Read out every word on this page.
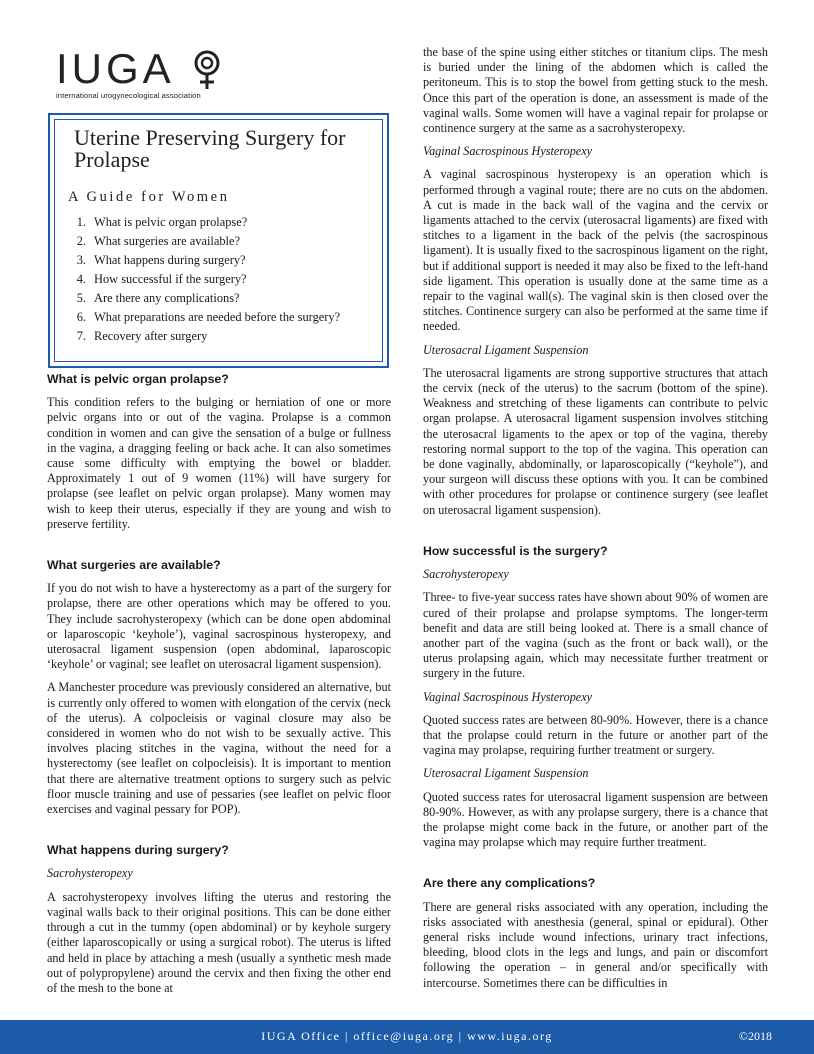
IUGA
international urogynecological association
Uterine Preserving Surgery for Prolapse
A Guide for Women
1. What is pelvic organ prolapse?
2. What surgeries are available?
3. What happens during surgery?
4. How successful if the surgery?
5. Are there any complications?
6. What preparations are needed before the surgery?
7. Recovery after surgery
What is pelvic organ prolapse?

This condition refers to the bulging or herniation of one or more pelvic organs into or out of the vagina. Prolapse is a common condition in women and can give the sensation of a bulge or fullness in the vagina, a dragging feeling or back ache. It can also sometimes cause some difficulty with emptying the bowel or bladder. Approximately 1 out of 9 women (11%) will have surgery for prolapse (see leaflet on pelvic organ prolapse). Many women may wish to keep their uterus, especially if they are young and wish to preserve fertility.

What surgeries are available?

If you do not wish to have a hysterectomy as a part of the surgery for prolapse, there are other operations which may be offered to you. They include sacrohysteropexy (which can be done open abdominal or laparoscopic ‘keyhole’), vaginal sacrospinous hysteropexy, and uterosacral ligament suspension (open abdominal, laparoscopic ‘keyhole’ or vaginal; see leaflet on uterosacral ligament suspension).

A Manchester procedure was previously considered an alternative, but is currently only offered to women with elongation of the cervix (neck of the uterus). A colpocleisis or vaginal closure may also be considered in women who do not wish to be sexually active. This involves placing stitches in the vagina, without the need for a hysterectomy (see leaflet on colpocleisis). It is important to mention that there are alternative treatment options to surgery such as pelvic floor muscle training and use of pessaries (see leaflet on pelvic floor exercises and vaginal pessary for POP).

What happens during surgery?
Sacrohysteropexy

A sacrohysteropexy involves lifting the uterus and restoring the vaginal walls back to their original positions. This can be done either through a cut in the tummy (open abdominal) or by keyhole surgery (either laparoscopically or using a surgical robot). The uterus is lifted and held in place by attaching a mesh (usually a synthetic mesh made out of polypropylene) around the cervix and then fixing the other end of the mesh to the bone at

the base of the spine using either stitches or titanium clips. The mesh is buried under the lining of the abdomen which is called the peritoneum. This is to stop the bowel from getting stuck to the mesh. Once this part of the operation is done, an assessment is made of the vaginal walls. Some women will have a vaginal repair for prolapse or continence surgery at the same as a sacrohysteropexy.

Vaginal Sacrospinous Hysteropexy

A vaginal sacrospinous hysteropexy is an operation which is performed through a vaginal route; there are no cuts on the abdomen. A cut is made in the back wall of the vagina and the cervix or ligaments attached to the cervix (uterosacral ligaments) are fixed with stitches to a ligament in the back of the pelvis (the sacrospinous ligament). It is usually fixed to the sacrospinous ligament on the right, but if additional support is needed it may also be fixed to the left-hand side ligament. This operation is usually done at the same time as a repair to the vaginal wall(s). The vaginal skin is then closed over the stitches. Continence surgery can also be performed at the same time if needed.

Uterosacral Ligament Suspension

The uterosacral ligaments are strong supportive structures that attach the cervix (neck of the uterus) to the sacrum (bottom of the spine). Weakness and stretching of these ligaments can contribute to pelvic organ prolapse. A uterosacral ligament suspension involves stitching the uterosacral ligaments to the apex or top of the vagina, thereby restoring normal support to the top of the vagina. This operation can be done vaginally, abdominally, or laparoscopically (“keyhole”), and your surgeon will discuss these options with you. It can be combined with other procedures for prolapse or continence surgery (see leaflet on uterosacral ligament suspension).

How successful is the surgery?
Sacrohysteropexy

Three- to five-year success rates have shown about 90% of women are cured of their prolapse and prolapse symptoms. The longer-term benefit and data are still being looked at. There is a small chance of another part of the vagina (such as the front or back wall), or the uterus prolapsing again, which may necessitate further treatment or surgery in the future.

Vaginal Sacrospinous Hysteropexy

Quoted success rates are between 80-90%. However, there is a chance that the prolapse could return in the future or another part of the vagina may prolapse, requiring further treatment or surgery.

Uterosacral Ligament Suspension

Quoted success rates for uterosacral ligament suspension are between 80-90%. However, as with any prolapse surgery, there is a chance that the prolapse might come back in the future, or another part of the vagina may prolapse which may require further treatment.

Are there any complications?

There are general risks associated with any operation, including the risks associated with anesthesia (general, spinal or epidural). Other general risks include wound infections, urinary tract infections, bleeding, blood clots in the legs and lungs, and pain or discomfort following the operation – in general and/or specifically with intercourse. Sometimes there can be difficulties in

IUGA Office | office@iuga.org | www.iuga.org	©2018
